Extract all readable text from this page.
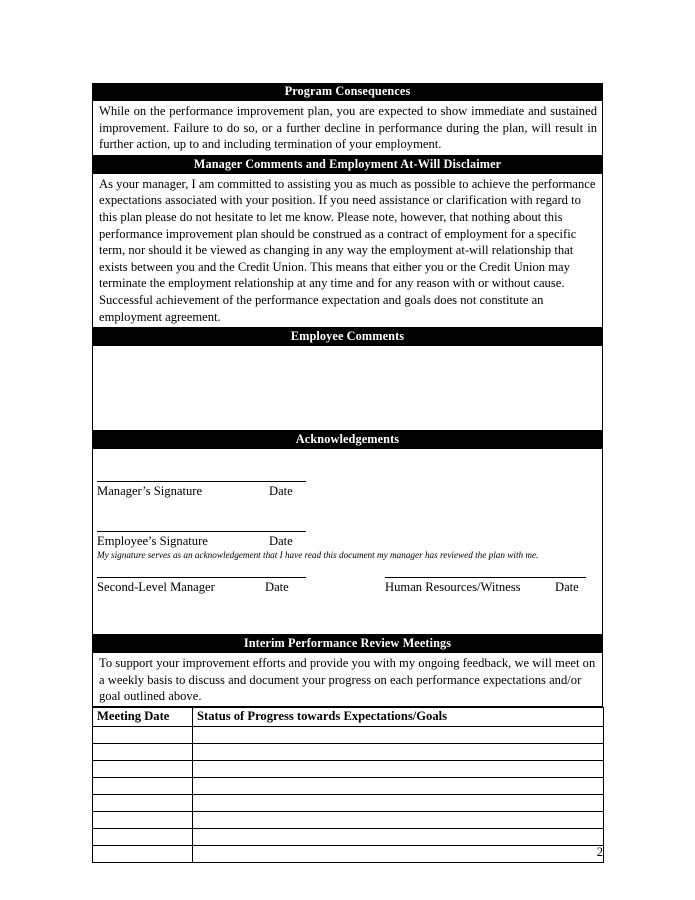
Program Consequences
While on the performance improvement plan, you are expected to show immediate and sustained improvement. Failure to do so, or a further decline in performance during the plan, will result in further action, up to and including termination of your employment.
Manager Comments and Employment At-Will Disclaimer
As your manager, I am committed to assisting you as much as possible to achieve the performance expectations associated with your position. If you need assistance or clarification with regard to this plan please do not hesitate to let me know. Please note, however, that nothing about this performance improvement plan should be construed as a contract of employment for a specific term, nor should it be viewed as changing in any way the employment at-will relationship that exists between you and the Credit Union. This means that either you or the Credit Union may terminate the employment relationship at any time and for any reason with or without cause. Successful achievement of the performance expectation and goals does not constitute an employment agreement.
Employee Comments
Acknowledgements
Manager’s Signature	Date
Employee’s Signature	Date
My signature serves as an acknowledgement that I have read this document my manager has reviewed the plan with me.
Second-Level Manager	Date	Human Resources/Witness	Date
Interim Performance Review Meetings
To support your improvement efforts and provide you with my ongoing feedback, we will meet on a weekly basis to discuss and document your progress on each performance expectations and/or goal outlined above.
Meeting Date	Status of Progress towards Expectations/Goals

2
